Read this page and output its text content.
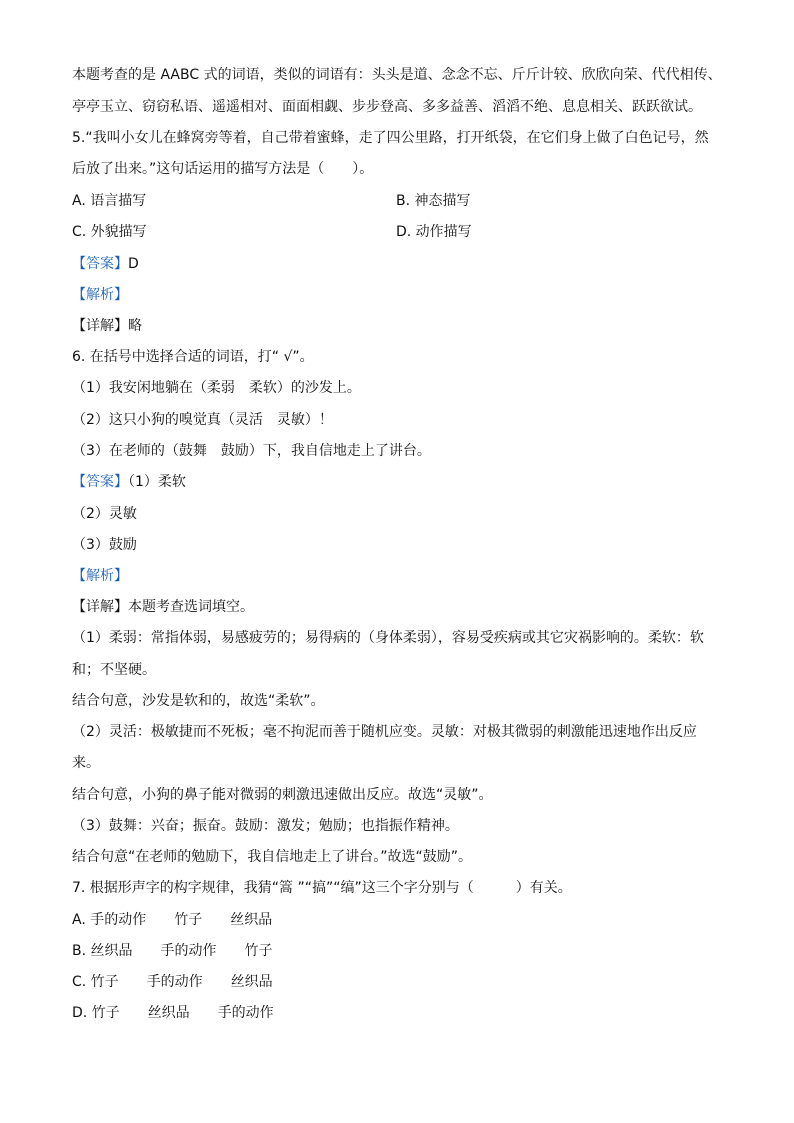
本题考查的是 AABC 式的词语，类似的词语有：头头是道、念念不忘、斤斤计较、欣欣向荣、代代相传、
亭亭玉立、窃窃私语、遥遥相对、面面相觑、步步登高、多多益善、滔滔不绝、息息相关、跃跃欲试。
5.“我叫小女儿在蜂窝旁等着，自己带着蜜蜂，走了四公里路，打开纸袋，在它们身上做了白色记号，然
后放了出来。”这句话运用的描写方法是（　　）。
A. 语言描写	B. 神态描写
C. 外貌描写	D. 动作描写
【答案】D
【解析】
【详解】略
6. 在括号中选择合适的词语，打“ √”。
（1）我安闲地躺在（柔弱　柔软）的沙发上。
（2）这只小狗的嗅觉真（灵活　灵敏）！
（3）在老师的（鼓舞　鼓励）下，我自信地走上了讲台。
【答案】（1）柔软
（2）灵敏
（3）鼓励
【解析】
【详解】本题考查选词填空。
（1）柔弱：常指体弱，易感疲劳的；易得病的（身体柔弱），容易受疾病或其它灾祸影响的。柔软：软
和；不坚硬。
结合句意，沙发是软和的，故选“柔软”。
（2）灵活：极敏捷而不死板；毫不拘泥而善于随机应变。灵敏：对极其微弱的刺激能迅速地作出反应
来。
结合句意，小狗的鼻子能对微弱的刺激迅速做出反应。故选“灵敏”。
（3）鼓舞：兴奋；振奋。鼓励：激发；勉励；也指振作精神。
结合句意“在老师的勉励下，我自信地走上了讲台。”故选“鼓励”。
7. 根据形声字的构字规律，我猜“篙 ”“搞”“缟”这三个字分别与（　　　）有关。
A. 手的动作 竹子 丝织品
B. 丝织品 手的动作 竹子
C. 竹子 手的动作 丝织品
D. 竹子 丝织品 手的动作
